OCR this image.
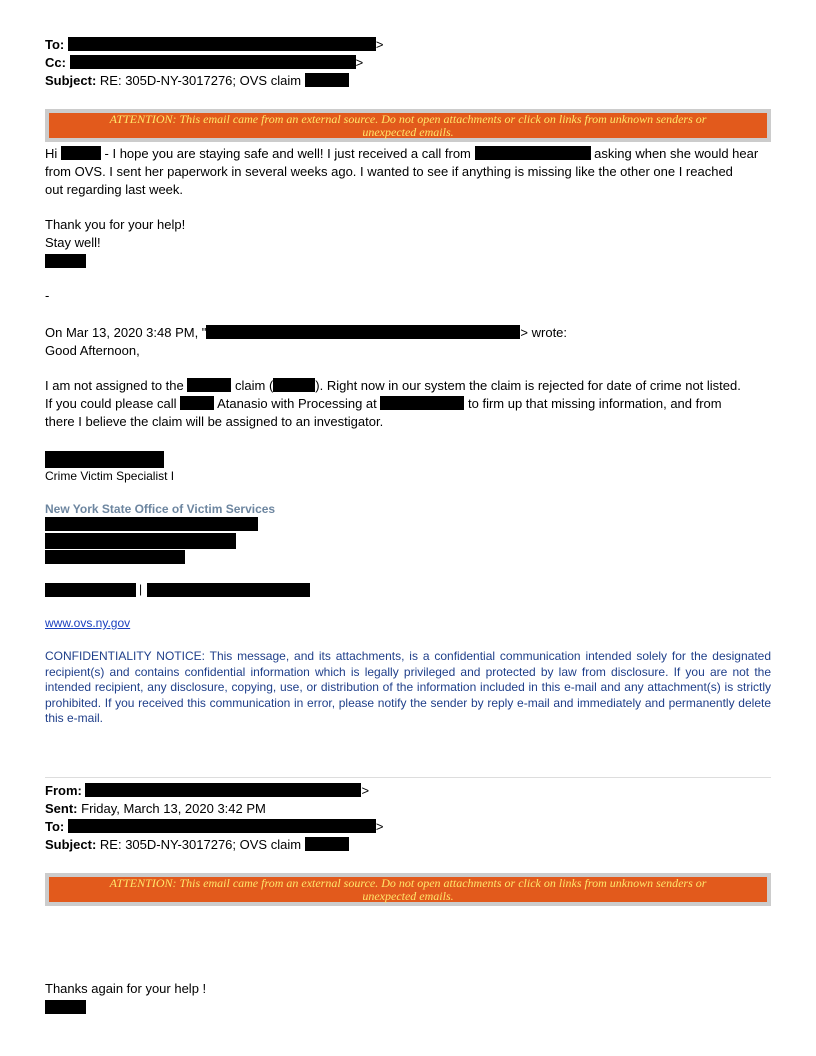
To:	>
Cc:	>
Subject: RE: 305D-NY-3017276; OVS claim
ATTENTION: This email came from an external source. Do not open attachments or click on links from unknown senders or
unexpected emails.
Hi	- I hope you are staying safe and well! I just received a call from	asking when she would hear
from OVS. I sent her paperwork in several weeks ago. I wanted to see if anything is missing like the other one I reached
out regarding last week.
Thank you for your help!
Stay well!
-
On Mar 13, 2020 3:48 PM, "	> wrote:
Good Afternoon,
I am not assigned to the	claim (	). Right now in our system the claim is rejected for date of crime not listed.
If you could please call	Atanasio with Processing at	to firm up that missing information, and from
there I believe the claim will be assigned to an investigator.
Crime Victim Specialist I
New York State Office of Victim Services
|
www.ovs.ny.gov
CONFIDENTIALITY NOTICE: This message, and its attachments, is a confidential communication intended solely for the designated recipient(s) and contains confidential information which is legally privileged and protected by law from disclosure. If you are not the intended recipient, any disclosure, copying, use, or distribution of the information included in this e-mail and any attachment(s) is strictly prohibited. If you received this communication in error, please notify the sender by reply e-mail and immediately and permanently delete this e-mail.
From:	>
Sent: Friday, March 13, 2020 3:42 PM
To:	>
Subject: RE: 305D-NY-3017276; OVS claim
ATTENTION: This email came from an external source. Do not open attachments or click on links from unknown senders or
unexpected emails.
Thanks again for your help !
